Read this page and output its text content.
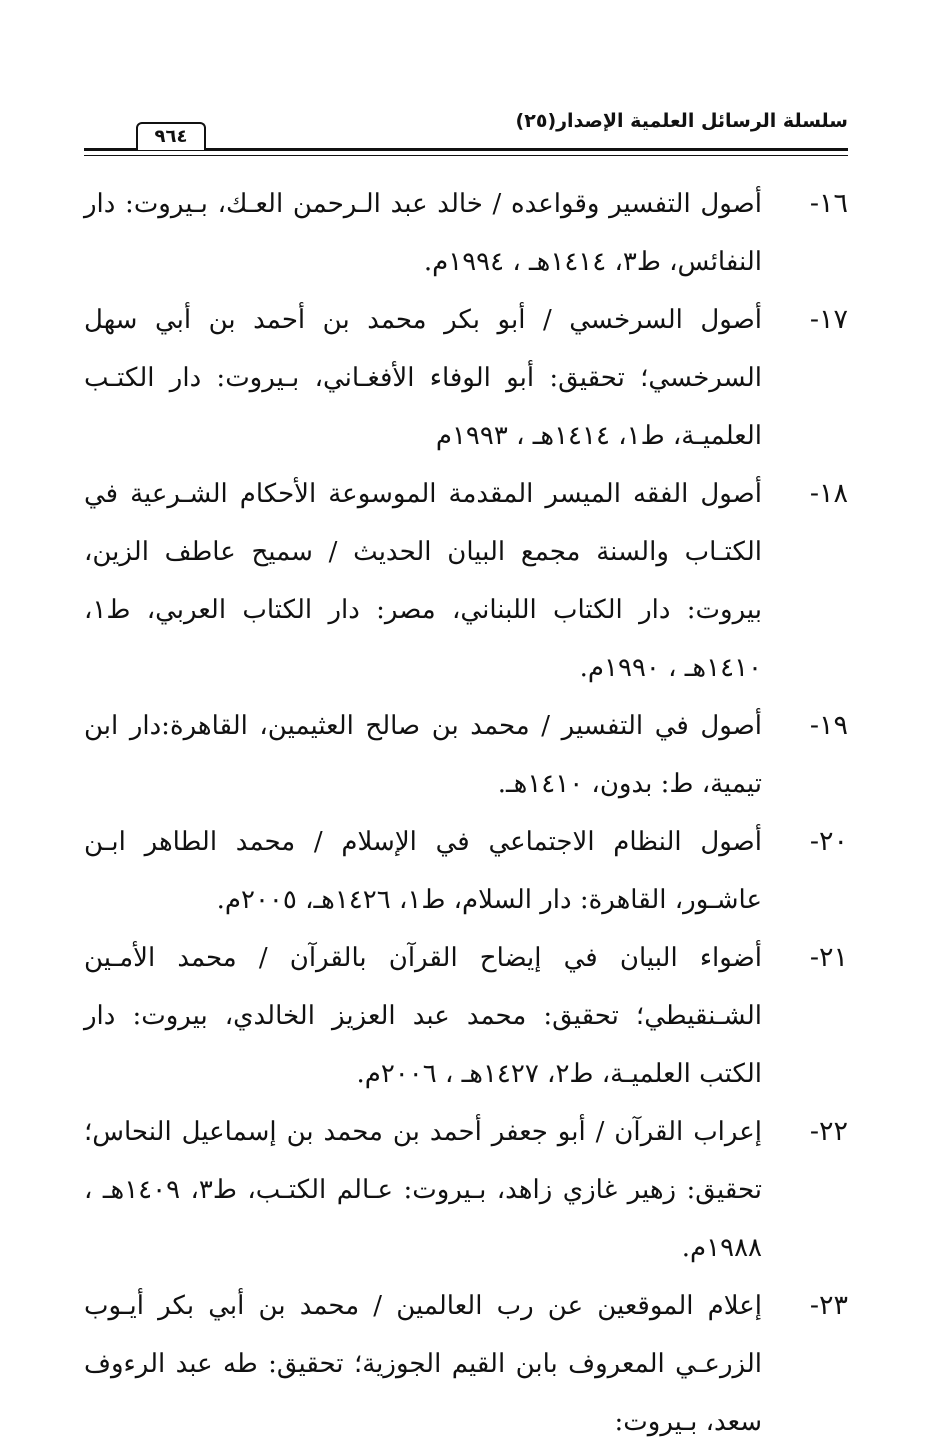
سلسلة الرسائل العلمية الإصدار(٢٥)
٩٦٤
١٦-
أصول التفسير وقواعده / خالد عبد الـرحمن العـك، بـيروت: دار النفائس، ط٣، ١٤١٤هـ ، ١٩٩٤م.
١٧-
أصول السرخسي / أبو بكر محمد بن أحمد بن أبي سهل السرخسي؛ تحقيق: أبو الوفاء الأفغـاني، بـيروت: دار الكتـب العلميـة، ط١، ١٤١٤هـ ، ١٩٩٣م
١٨-
أصول الفقه الميسر المقدمة الموسوعة الأحكام الشـرعية في الكتـاب والسنة مجمع البيان الحديث / سميح عاطف الزين، بيروت: دار الكتاب اللبناني، مصر: دار الكتاب العربي، ط١، ١٤١٠هـ ، ١٩٩٠م.
١٩-
أصول في التفسير / محمد بن صالح العثيمين، القاهرة:دار ابن تيمية، ط: بدون، ١٤١٠هـ.
٢٠-
أصول النظام الاجتماعي في الإسلام / محمد الطاهر ابـن عاشـور، القاهرة: دار السلام، ط١، ١٤٢٦هـ، ٢٠٠٥م.
٢١-
أضواء البيان في إيضاح القرآن بالقرآن / محمد الأمـين الشـنقيطي؛ تحقيق: محمد عبد العزيز الخالدي، بيروت: دار الكتب العلميـة، ط٢، ١٤٢٧هـ ، ٢٠٠٦م.
٢٢-
إعراب القرآن / أبو جعفر أحمد بن محمد بن إسماعيل النحاس؛ تحقيق: زهير غازي زاهد، بـيروت: عـالم الكتـب، ط٣، ١٤٠٩هـ ، ١٩٨٨م.
٢٣-
إعلام الموقعين عن رب العالمين / محمد بن أبي بكر أيـوب الزرعـي المعروف بابن القيم الجوزية؛ تحقيق: طه عبد الرءوف سعد، بـيروت:
